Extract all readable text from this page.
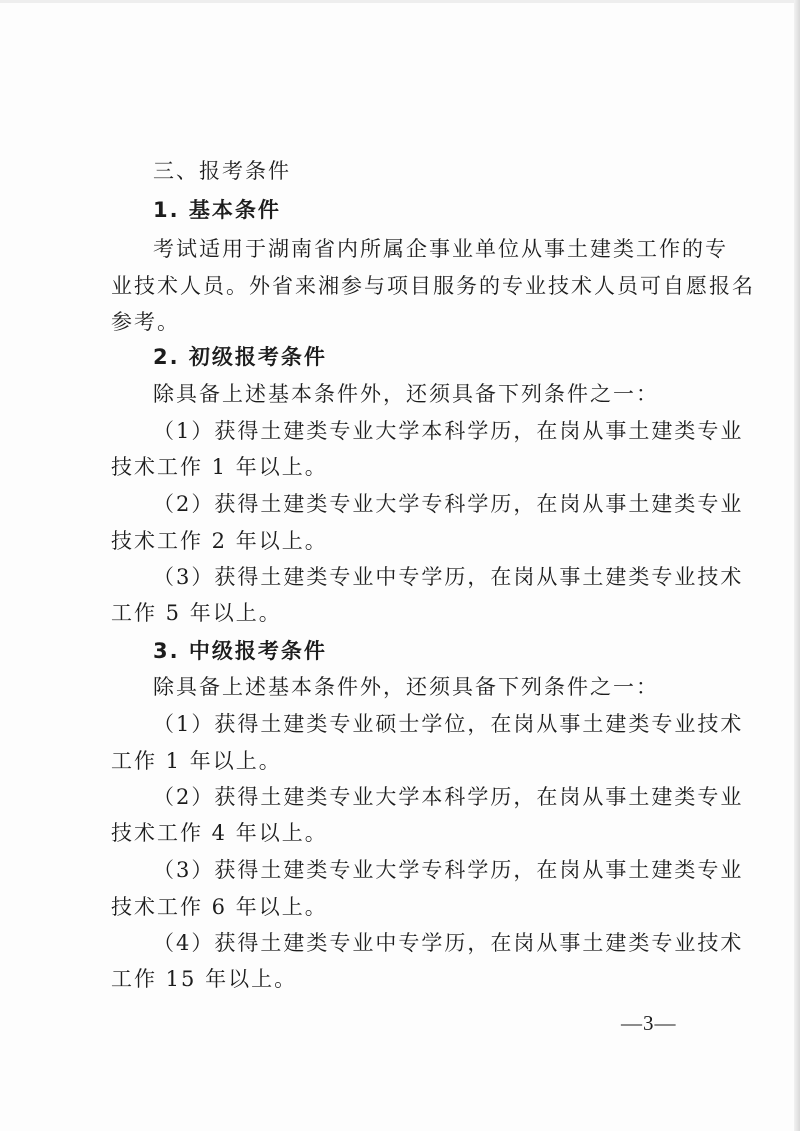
三、报考条件

1. 基本条件

考试适用于湖南省内所属企事业单位从事土建类工作的专

业技术人员。外省来湘参与项目服务的专业技术人员可自愿报名

参考。

2. 初级报考条件

除具备上述基本条件外，还须具备下列条件之一：

（1）获得土建类专业大学本科学历，在岗从事土建类专业

技术工作 1 年以上。

（2）获得土建类专业大学专科学历，在岗从事土建类专业

技术工作 2 年以上。

（3）获得土建类专业中专学历，在岗从事土建类专业技术

工作 5 年以上。

3. 中级报考条件

除具备上述基本条件外，还须具备下列条件之一：

（1）获得土建类专业硕士学位，在岗从事土建类专业技术

工作 1 年以上。

（2）获得土建类专业大学本科学历，在岗从事土建类专业

技术工作 4 年以上。

（3）获得土建类专业大学专科学历，在岗从事土建类专业

技术工作 6 年以上。

（4）获得土建类专业中专学历，在岗从事土建类专业技术

工作 15 年以上。

—3—
